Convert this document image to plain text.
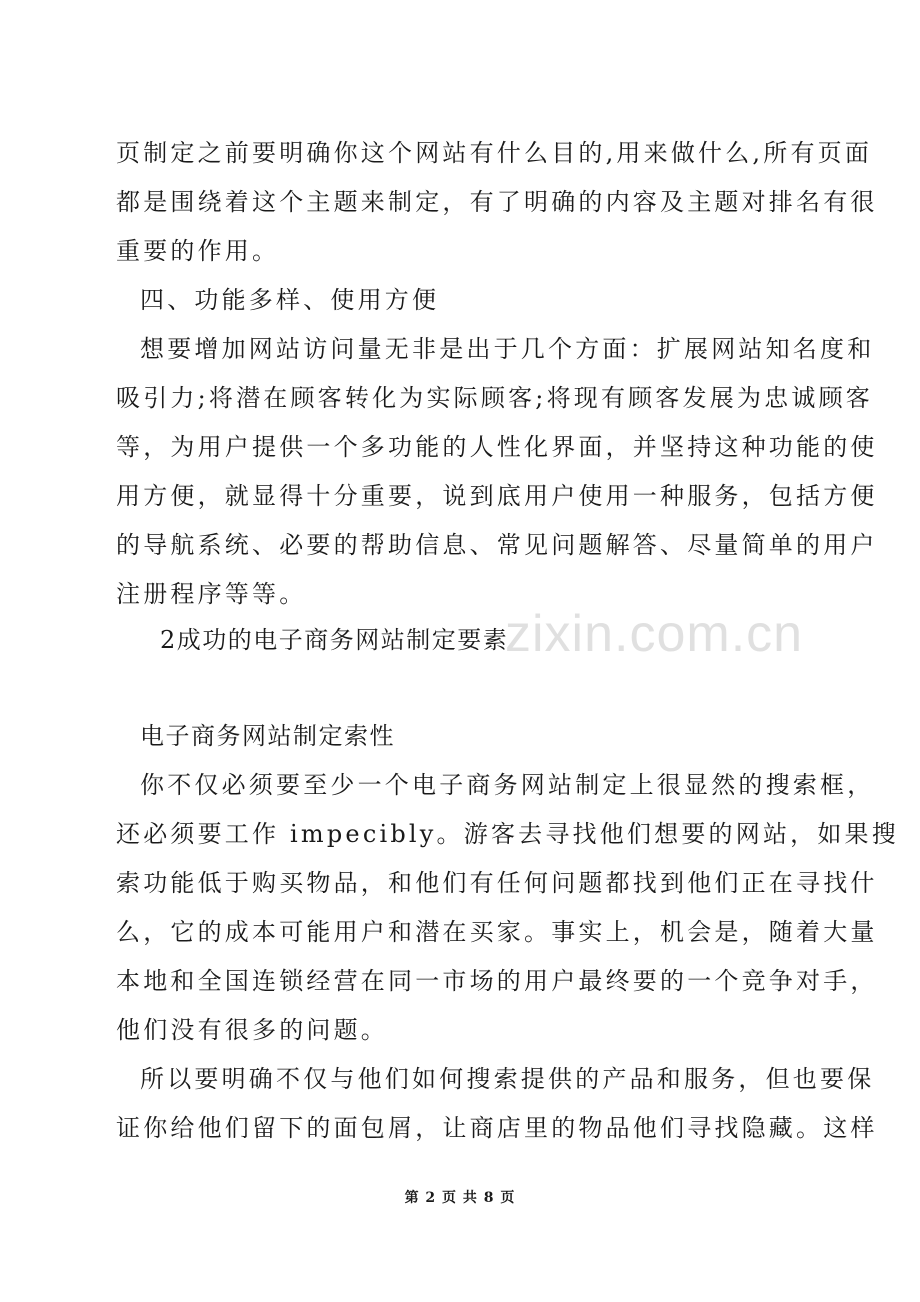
页制定之前要明确你这个网站有什么目的,用来做什么,所有页面
都是围绕着这个主题来制定，有了明确的内容及主题对排名有很
重要的作用。
四、功能多样、使用方便
想要增加网站访问量无非是出于几个方面：扩展网站知名度和
吸引力;将潜在顾客转化为实际顾客;将现有顾客发展为忠诚顾客
等，为用户提供一个多功能的人性化界面，并坚持这种功能的使
用方便，就显得十分重要，说到底用户使用一种服务，包括方便
的导航系统、必要的帮助信息、常见问题解答、尽量简单的用户
注册程序等等。
2成功的电子商务网站制定要素
电子商务网站制定索性
你不仅必须要至少一个电子商务网站制定上很显然的搜索框，
还必须要工作 impecibly。游客去寻找他们想要的网站，如果搜
索功能低于购买物品，和他们有任何问题都找到他们正在寻找什
么，它的成本可能用户和潜在买家。事实上，机会是，随着大量
本地和全国连锁经营在同一市场的用户最终要的一个竞争对手，
他们没有很多的问题。
所以要明确不仅与他们如何搜索提供的产品和服务，但也要保
证你给他们留下的面包屑，让商店里的物品他们寻找隐藏。这样
zixin.com.cn
第 2 页 共 8 页
